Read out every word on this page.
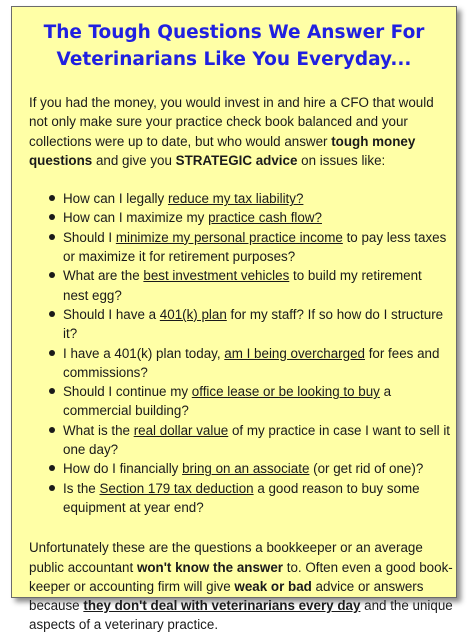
The Tough Questions We Answer For
Veterinarians Like You Everyday...
If you had the money, you would invest in and hire a CFO that would
not only make sure your practice check book balanced and your
collections were up to date, but who would answer tough money
questions and give you STRATEGIC advice on issues like:
How can I legally reduce my tax liability?
How can I maximize my practice cash flow?
Should I minimize my personal practice income to pay less taxes
or maximize it for retirement purposes?
What are the best investment vehicles to build my retirement
nest egg?
Should I have a 401(k) plan for my staff? If so how do I structure
it?
I have a 401(k) plan today, am I being overcharged for fees and
commissions?
Should I continue my office lease or be looking to buy a
commercial building?
What is the real dollar value of my practice in case I want to sell it
one day?
How do I financially bring on an associate (or get rid of one)?
Is the Section 179 tax deduction a good reason to buy some
equipment at year end?
Unfortunately these are the questions a bookkeeper or an average
public accountant won't know the answer to. Often even a good book-
keeper or accounting firm will give weak or bad advice or answers
because they don't deal with veterinarians every day and the unique
aspects of a veterinary practice.
